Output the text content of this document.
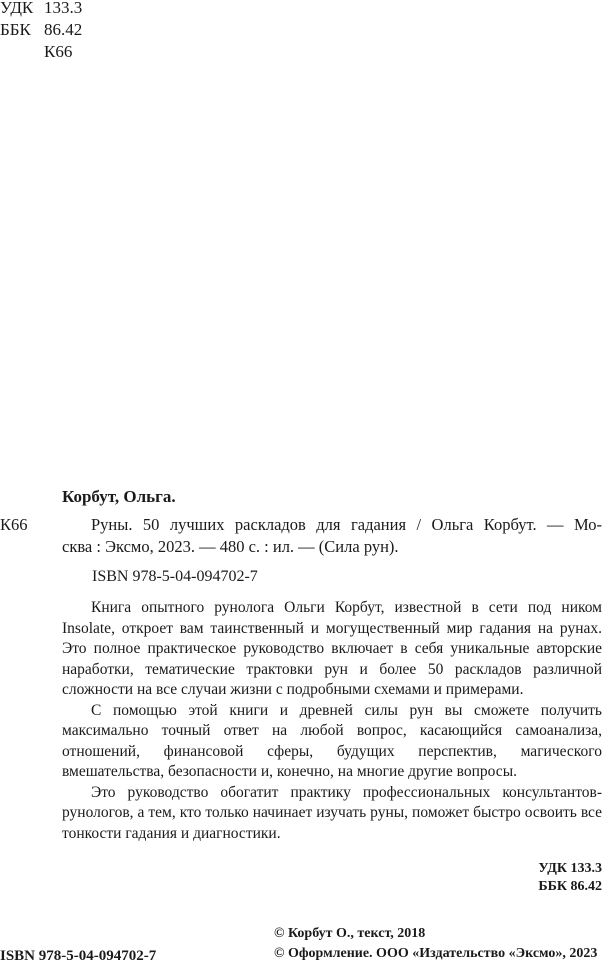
УДК 133.3
ББК 86.42
К66
Корбут, Ольга.
К66	Руны. 50 лучших раскладов для гадания / Ольга Корбут. — Мо-
сква : Эксмо, 2023. — 480 с. : ил. — (Сила рун).
ISBN 978-5-04-094702-7

Книга опытного рунолога Ольги Корбут, известной в сети под ником Insolate, откроет вам таинственный и могущественный мир гадания на рунах. Это полное практическое руководство включает в себя уникальные авторские наработки, тематические трактовки рун и более 50 раскладов различной сложности на все случаи жизни с подробными схемами и примерами.

С помощью этой книги и древней силы рун вы сможете получить максимально точный ответ на любой вопрос, касающийся самоанализа, отношений, финансовой сферы, будущих перспектив, магического вмешательства, безопасности и, конечно, на многие другие вопросы.

Это руководство обогатит практику профессиональных консультантов-рунологов, а тем, кто только начинает изучать руны, поможет быстро освоить все тонкости гадания и диагностики.

УДК 133.3
ББК 86.42
ISBN 978-5-04-094702-7
© Корбут О., текст, 2018
© Оформление. ООО «Издательство «Эксмо», 2023
